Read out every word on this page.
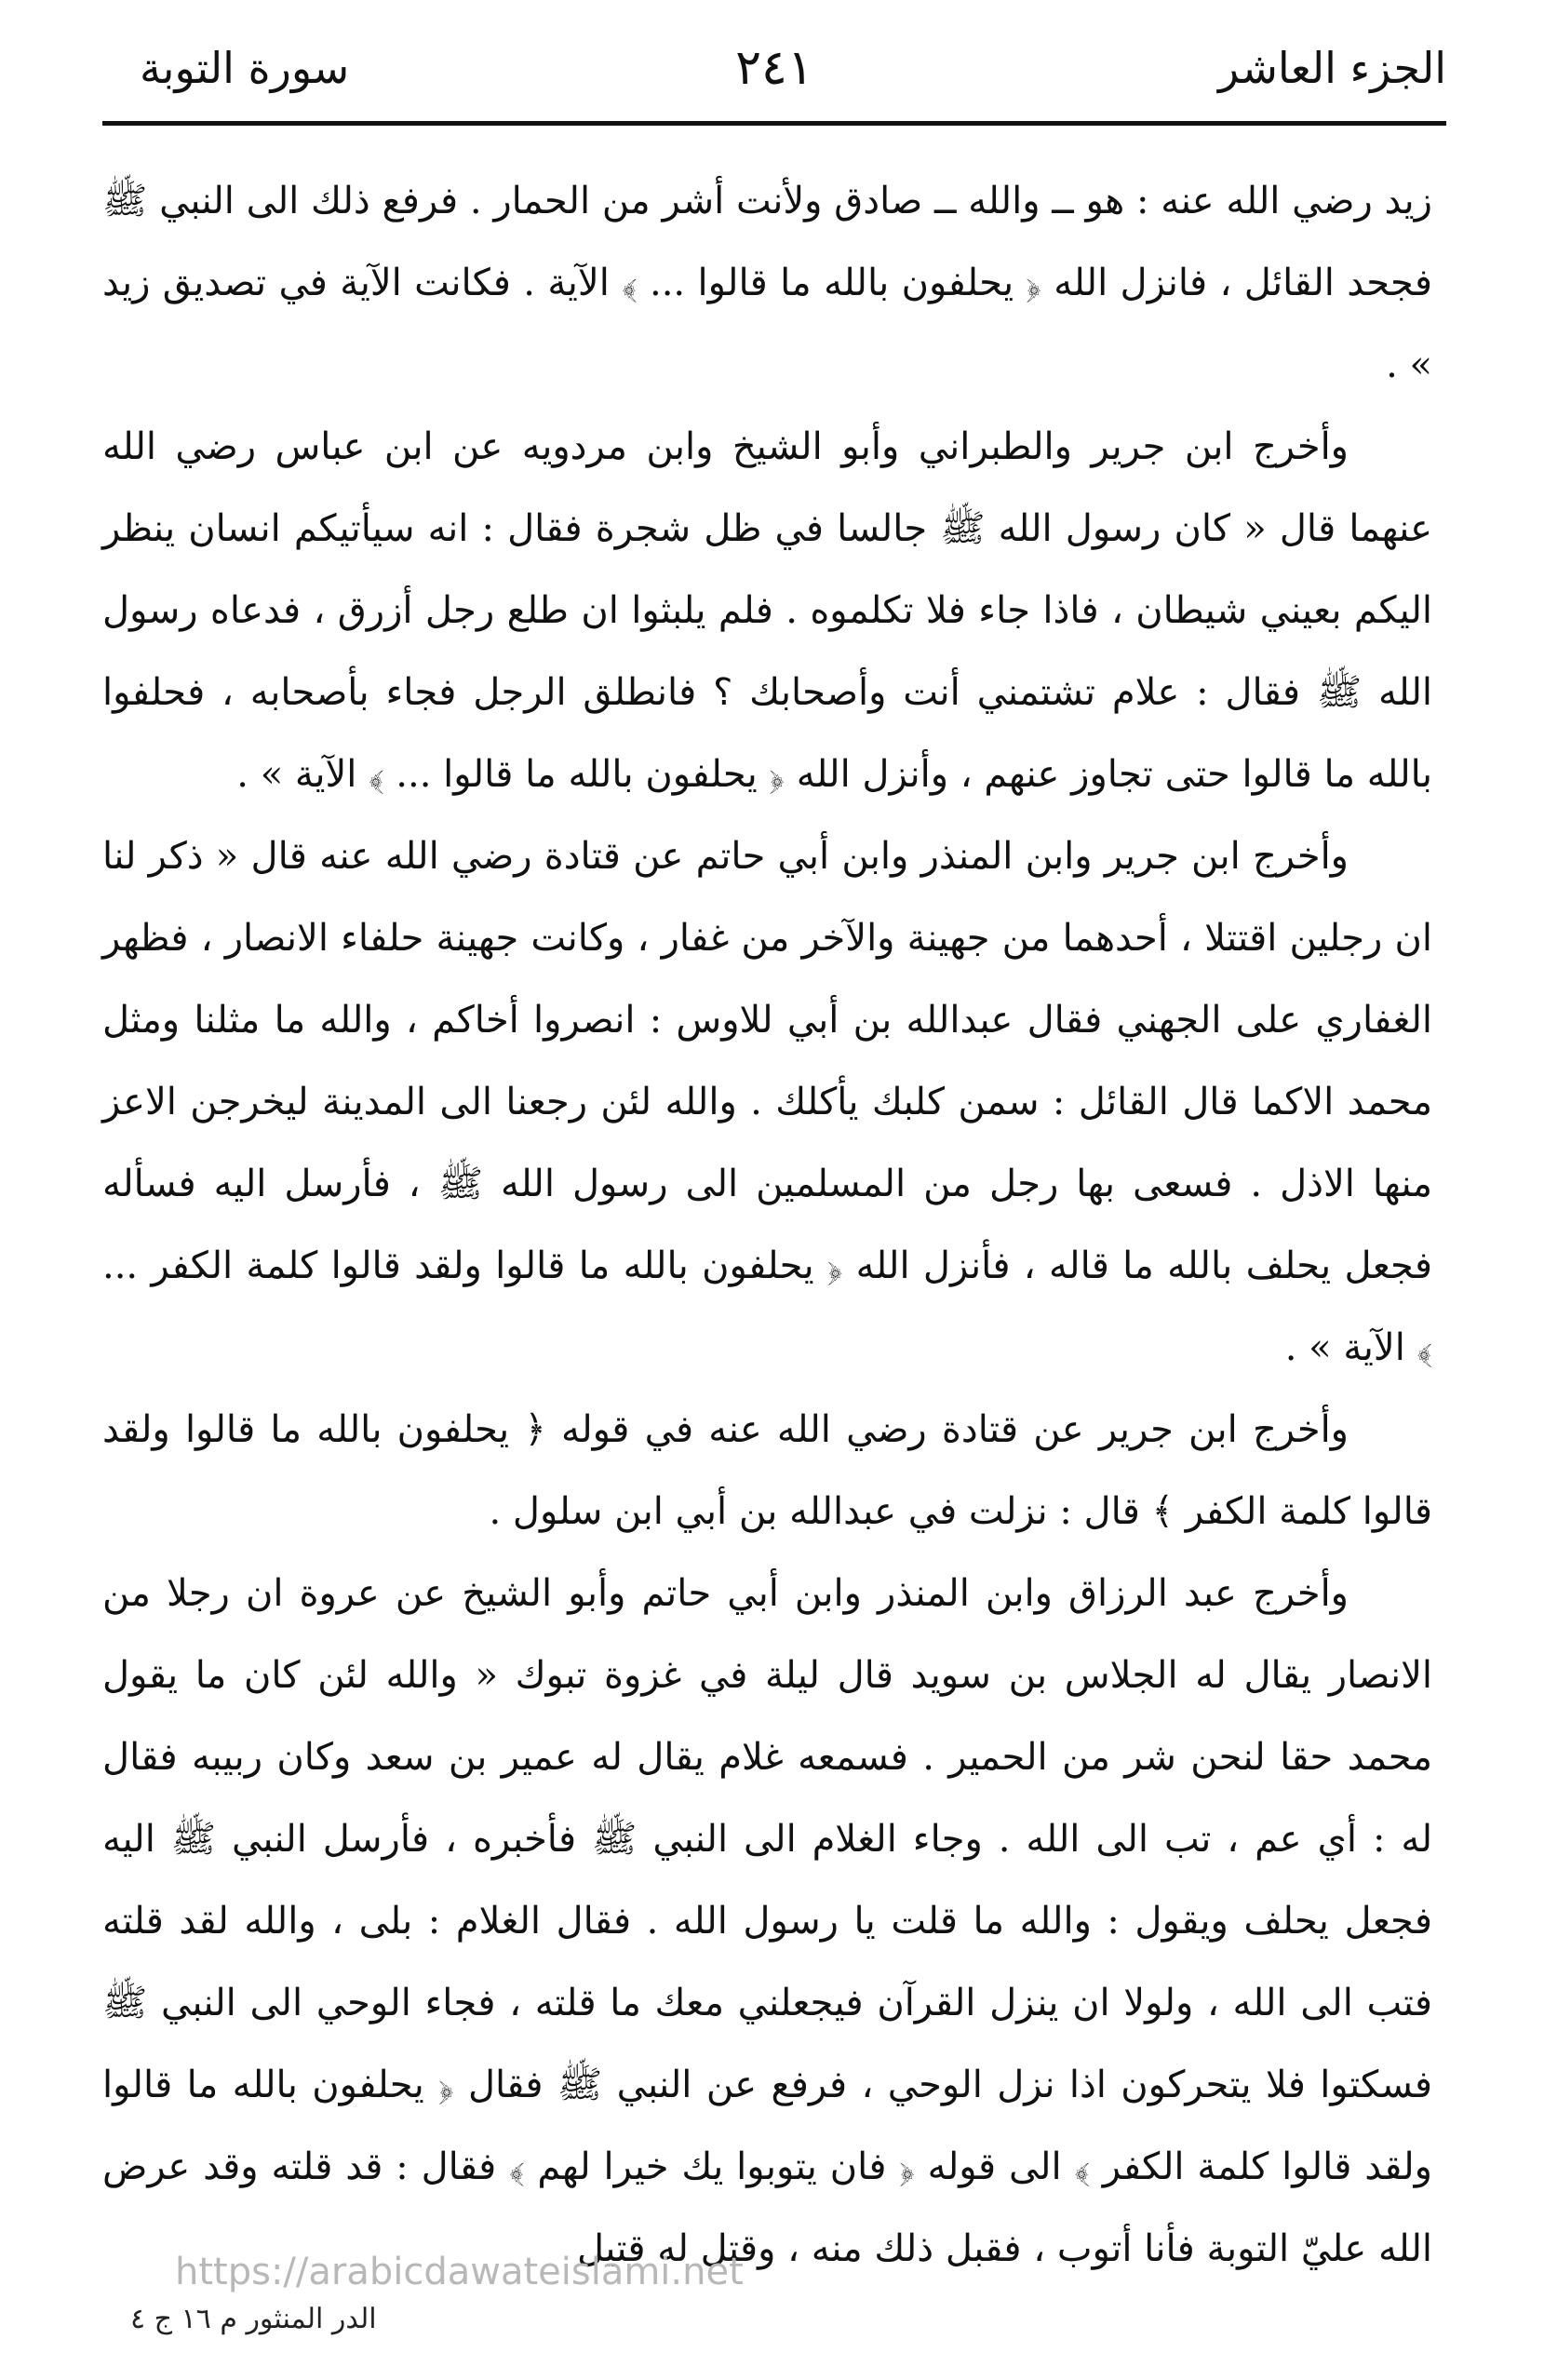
الجزء العاشر
٢٤١
سورة التوبة

زيد رضي الله عنه : هو ــ والله ــ صادق ولأنت أشر من الحمار . فرفع ذلك الى النبي ﷺ فجحد القائل ، فانزل الله ﴿ يحلفون بالله ما قالوا ... ﴾ الآية . فكانت الآية في تصديق زيد » .

وأخرج ابن جرير والطبراني وأبو الشيخ وابن مردويه عن ابن عباس رضي الله عنهما قال « كان رسول الله ﷺ جالسا في ظل شجرة فقال : انه سيأتيكم انسان ينظر اليكم بعيني شيطان ، فاذا جاء فلا تكلموه . فلم يلبثوا ان طلع رجل أزرق ، فدعاه رسول الله ﷺ فقال : علام تشتمني أنت وأصحابك ؟ فانطلق الرجل فجاء بأصحابه ، فحلفوا بالله ما قالوا حتى تجاوز عنهم ، وأنزل الله ﴿ يحلفون بالله ما قالوا ... ﴾ الآية » .

وأخرج ابن جرير وابن المنذر وابن أبي حاتم عن قتادة رضي الله عنه قال « ذكر لنا ان رجلين اقتتلا ، أحدهما من جهينة والآخر من غفار ، وكانت جهينة حلفاء الانصار ، فظهر الغفاري على الجهني فقال عبدالله بن أبي للاوس : انصروا أخاكم ، والله ما مثلنا ومثل محمد الاكما قال القائل : سمن كلبك يأكلك . والله لئن رجعنا الى المدينة ليخرجن الاعز منها الاذل . فسعى بها رجل من المسلمين الى رسول الله ﷺ ، فأرسل اليه فسأله فجعل يحلف بالله ما قاله ، فأنزل الله ﴿ يحلفون بالله ما قالوا ولقد قالوا كلمة الكفر ... ﴾ الآية » .

وأخرج ابن جرير عن قتادة رضي الله عنه في قوله ﴿ يحلفون بالله ما قالوا ولقد قالوا كلمة الكفر ﴾ قال : نزلت في عبدالله بن أبي ابن سلول .

وأخرج عبد الرزاق وابن المنذر وابن أبي حاتم وأبو الشيخ عن عروة ان رجلا من الانصار يقال له الجلاس بن سويد قال ليلة في غزوة تبوك « والله لئن كان ما يقول محمد حقا لنحن شر من الحمير . فسمعه غلام يقال له عمير بن سعد وكان ربيبه فقال له : أي عم ، تب الى الله . وجاء الغلام الى النبي ﷺ فأخبره ، فأرسل النبي ﷺ اليه فجعل يحلف ويقول : والله ما قلت يا رسول الله . فقال الغلام : بلى ، والله لقد قلته فتب الى الله ، ولولا ان ينزل القرآن فيجعلني معك ما قلته ، فجاء الوحي الى النبي ﷺ فسكتوا فلا يتحركون اذا نزل الوحي ، فرفع عن النبي ﷺ فقال ﴿ يحلفون بالله ما قالوا ولقد قالوا كلمة الكفر ﴾ الى قوله ﴿ فان يتوبوا يك خيرا لهم ﴾ فقال : قد قلته وقد عرض الله عليّ التوبة فأنا أتوب ، فقبل ذلك منه ، وقتل له قتيل

https://arabicdawateislami.net
الدر المنثور م ١٦ ج ٤
